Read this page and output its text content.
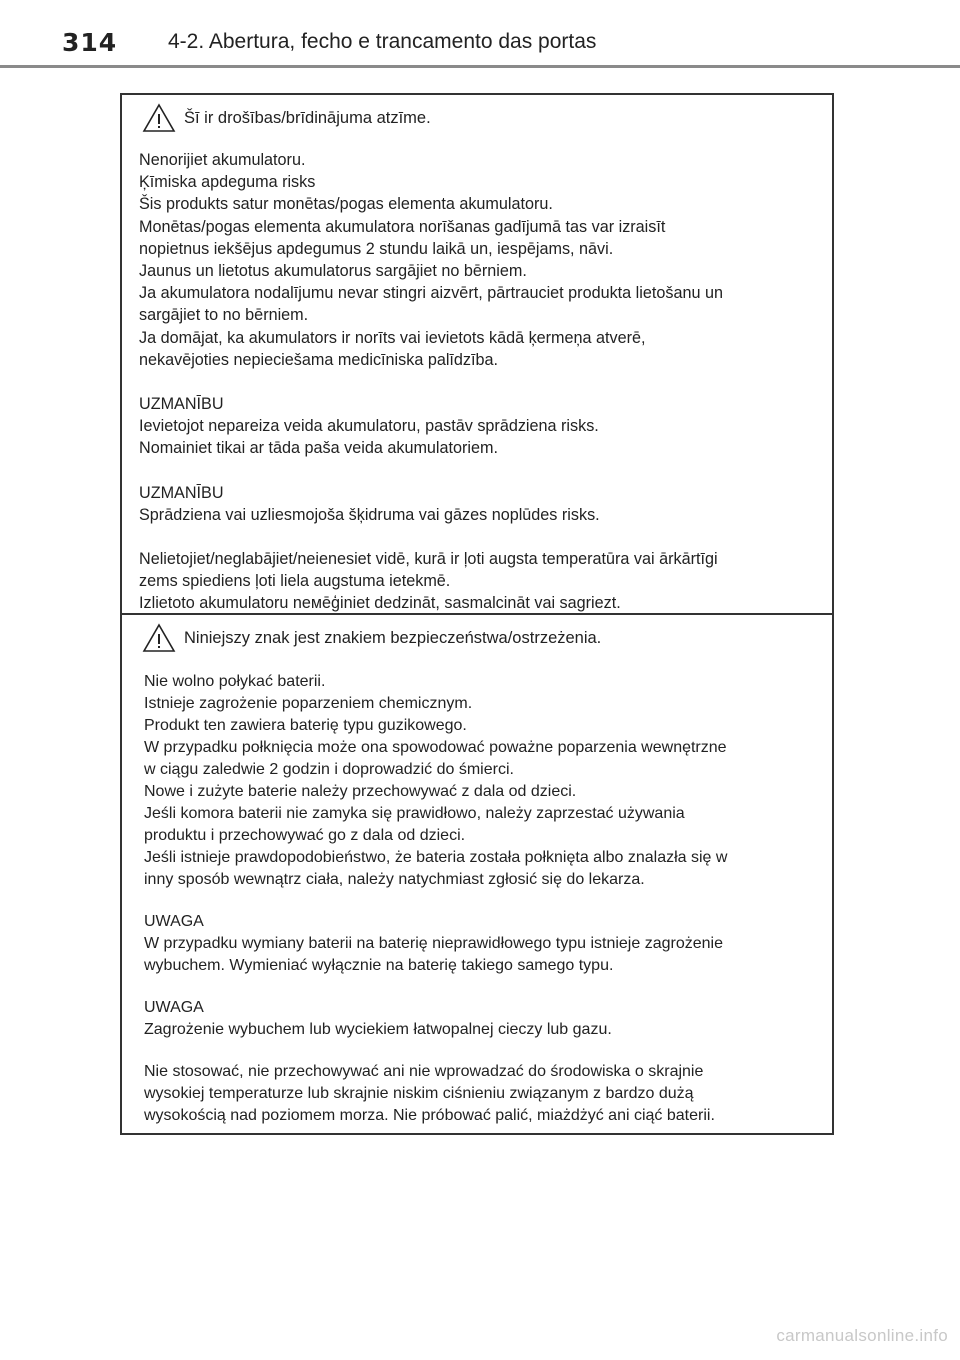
314 4-2. Abertura, fecho e trancamento das portas
Šī ir drošības/brīdinājuma atzīme.

Nenorijiet akumulatoru.
Ķīmiska apdeguma risks
Šis produkts satur monētas/pogas elementa akumulatoru.
Monētas/pogas elementa akumulatora norīšanas gadījumā tas var izraisīt
nopietnus iekšējus apdegumus 2 stundu laikā un, iespējams, nāvi.
Jaunus un lietotus akumulatorus sargājiet no bērniem.
Ja akumulatora nodalījumu nevar stingri aizvērt, pārtrauciet produkta lietošanu un
sargājiet to no bērniem.
Ja domājat, ka akumulators ir norīts vai ievietots kādā ķermeņa atverē,
nekavējoties nepieciešama medicīniska palīdzība.

UZMANĪBU
Ievietojot nepareiza veida akumulatoru, pastāv sprādziena risks.
Nomainiet tikai ar tāda paša veida akumulatoriem.

UZMANĪBU
Sprādziena vai uzliesmojoša šķidruma vai gāzes noplūdes risks.

Nelietojiet/neglabājiet/neienesiet vidē, kurā ir ļoti augsta temperatūra vai ārkārtīgi
zems spiediens ļoti liela augstuma ietekmē.
Izlietoto akumulatoru neмēģiniet dedzināt, sasmalcināt vai sagriezt.

Niniejszy znak jest znakiem bezpieczeństwa/ostrzeżenia.

Nie wolno połykać baterii.
Istnieje zagrożenie poparzeniem chemicznym.
Produkt ten zawiera baterię typu guzikowego.
W przypadku połknięcia może ona spowodować poważne poparzenia wewnętrzne
w ciągu zaledwie 2 godzin i doprowadzić do śmierci.
Nowe i zużyte baterie należy przechowywać z dala od dzieci.
Jeśli komora baterii nie zamyka się prawidłowo, należy zaprzestać używania
produktu i przechowywać go z dala od dzieci.
Jeśli istnieje prawdopodobieństwo, że bateria została połknięta albo znalazła się w
inny sposób wewnątrz ciała, należy natychmiast zgłosić się do lekarza.

UWAGA
W przypadku wymiany baterii na baterię nieprawidłowego typu istnieje zagrożenie
wybuchem. Wymieniać wyłącznie na baterię takiego samego typu.

UWAGA
Zagrożenie wybuchem lub wyciekiem łatwopalnej cieczy lub gazu.

Nie stosować, nie przechowywać ani nie wprowadzać do środowiska o skrajnie
wysokiej temperaturze lub skrajnie niskim ciśnieniu związanym z bardzo dużą
wysokością nad poziomem morza. Nie próbować palić, miażdżyć ani ciąć baterii.

carmanualsonline.info
